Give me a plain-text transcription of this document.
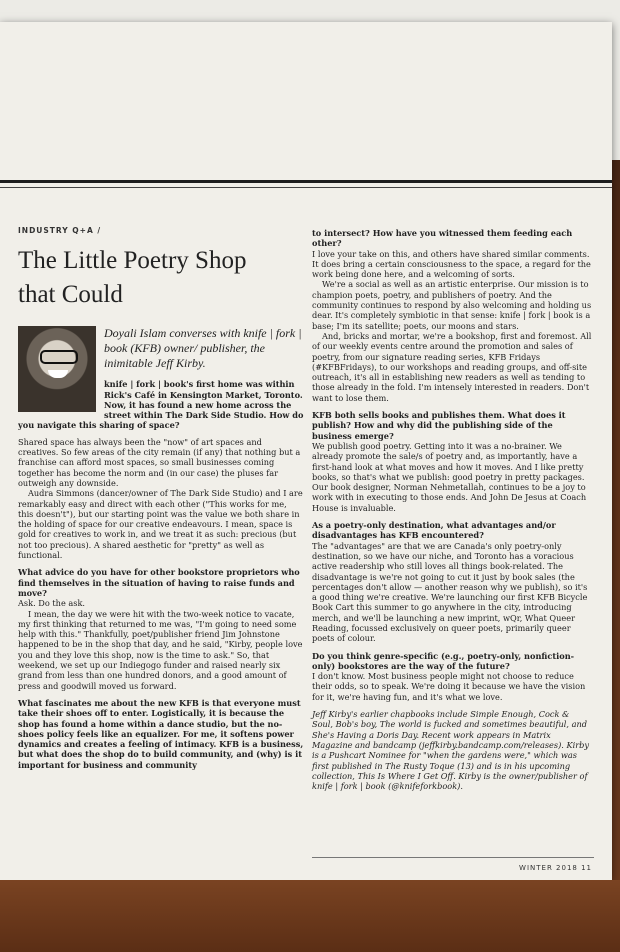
INDUSTRY Q+A /
The Little Poetry Shop
that Could

Doyali Islam converses with knife | fork | book (KFB) owner/ publisher, the inimitable Jeff Kirby.

knife | fork | book's first home was within Rick's Café in Kensington Market, Toronto. Now, it has found a new home across the street within The Dark Side Studio. How do you navigate this sharing of space?

Shared space has always been the "now" of art spaces and creatives. So few areas of the city remain (if any) that nothing but a franchise can afford most spaces, so small businesses coming together has become the norm and (in our case) the pluses far outweigh any downside.

Audra Simmons (dancer/owner of The Dark Side Studio) and I are remarkably easy and direct with each other ("This works for me, this doesn't"), but our starting point was the value we both share in the holding of space for our creative endeavours. I mean, space is gold for creatives to work in, and we treat it as such: precious (but not too precious). A shared aesthetic for "pretty" as well as functional.

What advice do you have for other bookstore proprietors who find themselves in the situation of having to raise funds and move?

Ask. Do the ask.

I mean, the day we were hit with the two-week notice to vacate, my first thinking that returned to me was, "I'm going to need some help with this." Thankfully, poet/publisher friend Jim Johnstone happened to be in the shop that day, and he said, "Kirby, people love you and they love this shop, now is the time to ask." So, that weekend, we set up our Indiegogo funder and raised nearly six grand from less than one hundred donors, and a good amount of press and goodwill moved us forward.

What fascinates me about the new KFB is that everyone must take their shoes off to enter. Logistically, it is because the shop has found a home within a dance studio, but the no-shoes policy feels like an equalizer. For me, it softens power dynamics and creates a feeling of intimacy. KFB is a business, but what does the shop do to build community, and (why) is it important for business and community

to intersect? How have you witnessed them feeding each other?

I love your take on this, and others have shared similar comments. It does bring a certain consciousness to the space, a regard for the work being done here, and a welcoming of sorts.

We're a social as well as an artistic enterprise. Our mission is to champion poets, poetry, and publishers of poetry. And the community continues to respond by also welcoming and holding us dear. It's completely symbiotic in that sense: knife | fork | book is a base; I'm its satellite; poets, our moons and stars.

And, bricks and mortar, we're a bookshop, first and foremost. All of our weekly events centre around the promotion and sales of poetry, from our signature reading series, KFB Fridays (#KFBFridays), to our workshops and reading groups, and off-site outreach, it's all in establishing new readers as well as tending to those already in the fold. I'm intensely interested in readers. Don't want to lose them.

KFB both sells books and publishes them. What does it publish? How and why did the publishing side of the business emerge?

We publish good poetry. Getting into it was a no-brainer. We already promote the sale/s of poetry and, as importantly, have a first-hand look at what moves and how it moves. And I like pretty books, so that's what we publish: good poetry in pretty packages. Our book designer, Norman Nehmetallah, continues to be a joy to work with in executing to those ends. And John De Jesus at Coach House is invaluable.

As a poetry-only destination, what advantages and/or disadvantages has KFB encountered?

The "advantages" are that we are Canada's only poetry-only destination, so we have our niche, and Toronto has a voracious active readership who still loves all things book-related. The disadvantage is we're not going to cut it just by book sales (the percentages don't allow — another reason why we publish), so it's a good thing we're creative. We're launching our first KFB Bicycle Book Cart this summer to go anywhere in the city, introducing merch, and we'll be launching a new imprint, wQr, What Queer Reading, focussed exclusively on queer poets, primarily queer poets of colour.

Do you think genre-specific (e.g., poetry-only, nonfiction-only) bookstores are the way of the future?

I don't know. Most business people might not choose to reduce their odds, so to speak. We're doing it because we have the vision for it, we're having fun, and it's what we love.

Jeff Kirby's earlier chapbooks include Simple Enough, Cock & Soul, Bob's boy, The world is fucked and sometimes beautiful, and She's Having a Doris Day. Recent work appears in Matrix Magazine and bandcamp (jeffkirby.bandcamp.com/releases). Kirby is a Pushcart Nominee for "when the gardens were," which was first published in The Rusty Toque (13) and is in his upcoming collection, This Is Where I Get Off. Kirby is the owner/publisher of knife | fork | book (@knifeforkbook).

WINTER 2018 11
